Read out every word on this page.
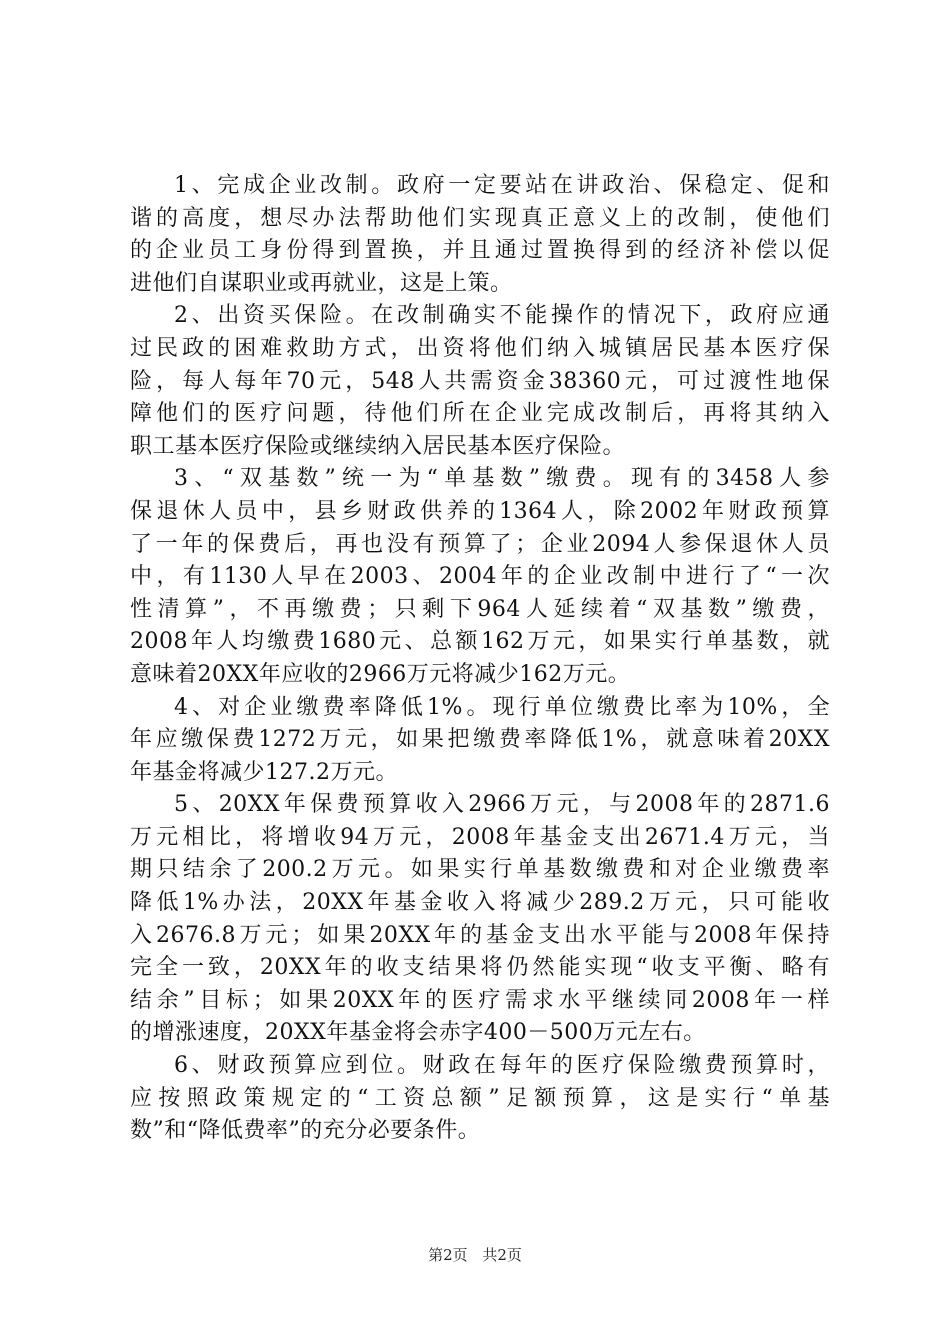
1、完成企业改制。政府一定要站在讲政治、保稳定、促和
谐的高度，想尽办法帮助他们实现真正意义上的改制，使他们
的企业员工身份得到置换，并且通过置换得到的经济补偿以促
进他们自谋职业或再就业，这是上策。
2、出资买保险。在改制确实不能操作的情况下，政府应通
过民政的困难救助方式，出资将他们纳入城镇居民基本医疗保
险，每人每年70元，548人共需资金38360元，可过渡性地保
障他们的医疗问题，待他们所在企业完成改制后，再将其纳入
职工基本医疗保险或继续纳入居民基本医疗保险。
3、“双基数”统一为“单基数”缴费。现有的3458人参
保退休人员中，县乡财政供养的1364人，除2002年财政预算
了一年的保费后，再也没有预算了；企业2094人参保退休人员
中，有1130人早在2003、2004年的企业改制中进行了“一次
性清算”，不再缴费；只剩下964人延续着“双基数”缴费，
2008年人均缴费1680元、总额162万元，如果实行单基数，就
意味着20XX年应收的2966万元将减少162万元。
4、对企业缴费率降低1%。现行单位缴费比率为10%，全
年应缴保费1272万元，如果把缴费率降低1%，就意味着20XX
年基金将减少127.2万元。
5、20XX年保费预算收入2966万元，与2008年的2871.6
万元相比，将增收94万元，2008年基金支出2671.4万元，当
期只结余了200.2万元。如果实行单基数缴费和对企业缴费率
降低1%办法，20XX年基金收入将减少289.2万元，只可能收
入2676.8万元；如果20XX年的基金支出水平能与2008年保持
完全一致，20XX年的收支结果将仍然能实现“收支平衡、略有
结余”目标；如果20XX年的医疗需求水平继续同2008年一样
的增涨速度，20XX年基金将会赤字400－500万元左右。
6、财政预算应到位。财政在每年的医疗保险缴费预算时，
应按照政策规定的“工资总额”足额预算，这是实行“单基
数”和“降低费率”的充分必要条件。
第2页 共2页
